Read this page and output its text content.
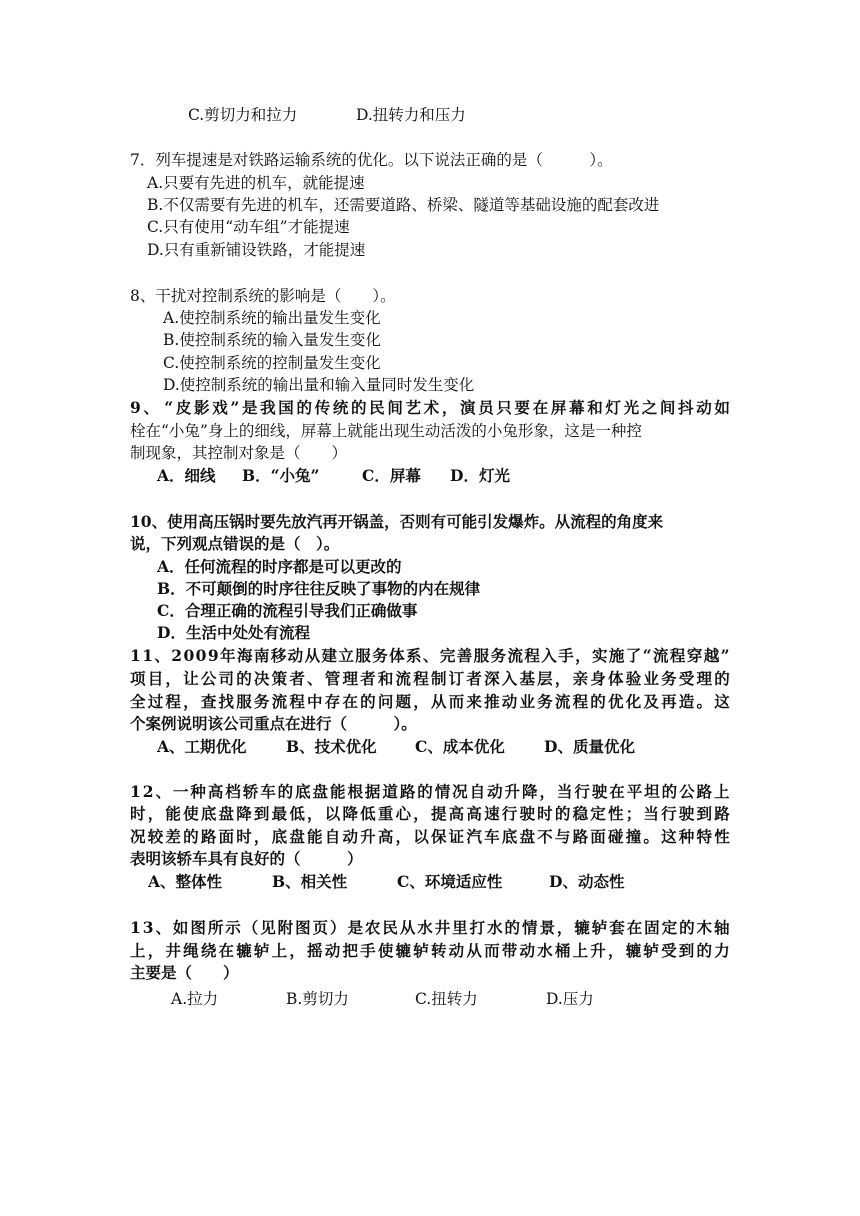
C.剪切力和拉力	D.扭转力和压力
7．列车提速是对铁路运输系统的优化。以下说法正确的是（　　　）。
A.只要有先进的机车，就能提速
B.不仅需要有先进的机车，还需要道路、桥梁、隧道等基础设施的配套改进
C.只有使用“动车组”才能提速
D.只有重新铺设铁路，才能提速
8、干扰对控制系统的影响是（　　）。
A.使控制系统的输出量发生变化
B.使控制系统的输入量发生变化
C.使控制系统的控制量发生变化
D.使控制系统的输出量和输入量同时发生变化
9 、 “ 皮 影 戏 ” 是 我 国 的 传 统 的 民 间 艺 术 ， 演 员 只 要 在 屏 幕 和 灯 光 之 间 抖 动 如
栓在“小兔”身上的细线，屏幕上就能出现生动活泼的小兔形象，这是一种控
制现象，其控制对象是（　　）
A．细线 B．“小兔”	C．屏幕 D．灯光
10、使用高压锅时要先放汽再开锅盖，否则有可能引发爆炸。从流程的角度来
说，下列观点错误的是（　）。
A．任何流程的时序都是可以更改的
B．不可颠倒的时序往往反映了事物的内在规律
C．合理正确的流程引导我们正确做事
D．生活中处处有流程
1 1 、 2 0 0 9 年 海 南 移 动 从 建 立 服 务 体 系 、 完 善 服 务 流 程 入 手 ， 实 施 了 “ 流 程 穿 越 ”
项 目 ， 让 公 司 的 决 策 者 、 管 理 者 和 流 程 制 订 者 深 入 基 层 ， 亲 身 体 验 业 务 受 理 的
全 过 程 ， 查 找 服 务 流 程 中 存 在 的 问 题 ， 从 而 来 推 动 业 务 流 程 的 优 化 及 再 造 。 这
个案例说明该公司重点在进行（　　　）。
A、工期优化	B、技术优化 C、成本优化	D、质量优化
1 2 、 一 种 高 档 轿 车 的 底 盘 能 根 据 道 路 的 情 况 自 动 升 降 ， 当 行 驶 在 平 坦 的 公 路 上
时 ， 能 使 底 盘 降 到 最 低 ， 以 降 低 重 心 ， 提 高 高 速 行 驶 时 的 稳 定 性 ； 当 行 驶 到 路
况 较 差 的 路 面 时 ， 底 盘 能 自 动 升 高 ， 以 保 证 汽 车 底 盘 不 与 路 面 碰 撞 。 这 种 特 性
表明该轿车具有良好的（　　　）
A、整体性	B、相关性	C、环境适应性	D、动态性
1 3 、 如 图 所 示 （ 见 附 图 页 ） 是 农 民 从 水 井 里 打 水 的 情 景 ， 辘 轳 套 在 固 定 的 木 轴
上 ， 井 绳 绕 在 辘 轳 上 ， 摇 动 把 手 使 辘 轳 转 动 从 而 带 动 水 桶 上 升 ， 辘 轳 受 到 的 力
主要是（　　）
A.拉力	B.剪切力	C.扭转力	D.压力
